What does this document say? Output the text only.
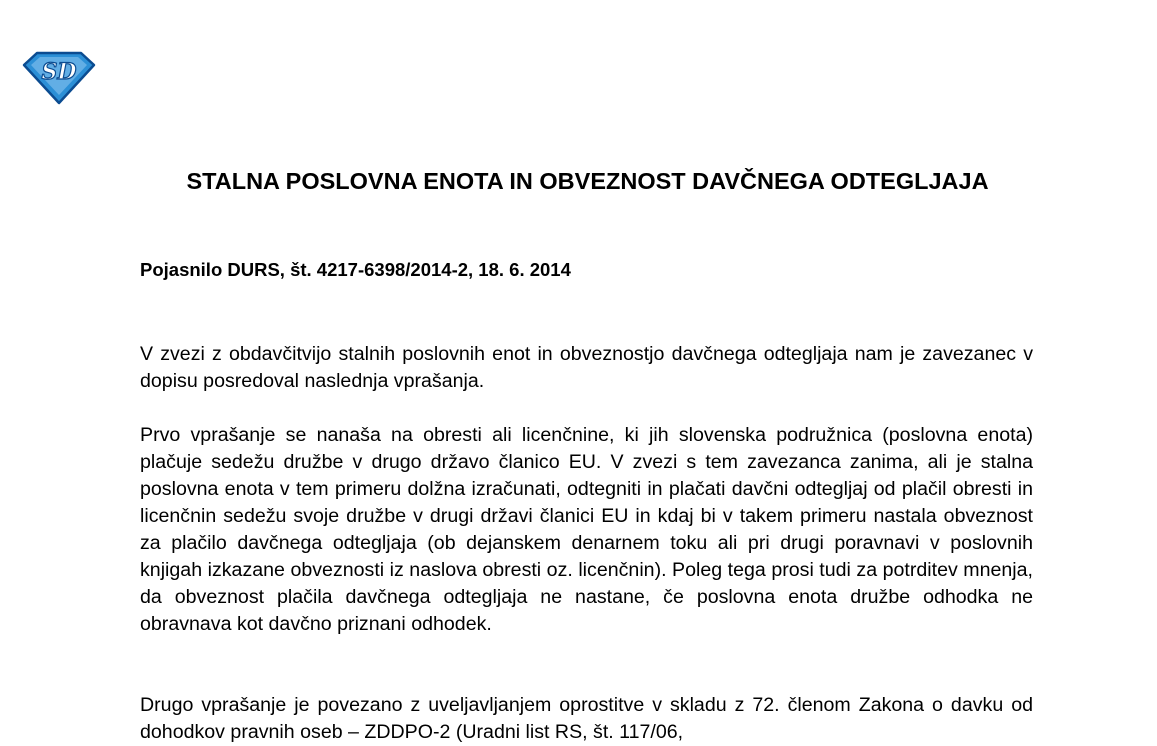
SD
STALNA POSLOVNA ENOTA IN OBVEZNOST DAVČNEGA ODTEGLJAJA

Pojasnilo DURS, št. 4217-6398/2014-2, 18. 6. 2014

V zvezi z obdavčitvijo stalnih poslovnih enot in obveznostjo davčnega odtegljaja nam je zavezanec v dopisu posredoval naslednja vprašanja.

Prvo vprašanje se nanaša na obresti ali licenčnine, ki jih slovenska podružnica (poslovna enota) plačuje sedežu družbe v drugo državo članico EU. V zvezi s tem zavezanca zanima, ali je stalna poslovna enota v tem primeru dolžna izračunati, odtegniti in plačati davčni odtegljaj od plačil obresti in licenčnin sedežu svoje družbe v drugi državi članici EU in kdaj bi v takem primeru nastala obveznost za plačilo davčnega odtegljaja (ob dejanskem denarnem toku ali pri drugi poravnavi v poslovnih knjigah izkazane obveznosti iz naslova obresti oz. licenčnin). Poleg tega prosi tudi za potrditev mnenja, da obveznost plačila davčnega odtegljaja ne nastane, če poslovna enota družbe odhodka ne obravnava kot davčno priznani odhodek.

Drugo vprašanje je povezano z uveljavljanjem oprostitve v skladu z 72. členom Zakona o davku od dohodkov pravnih oseb – ZDDPO-2 (Uradni list RS, št. 117/06,
